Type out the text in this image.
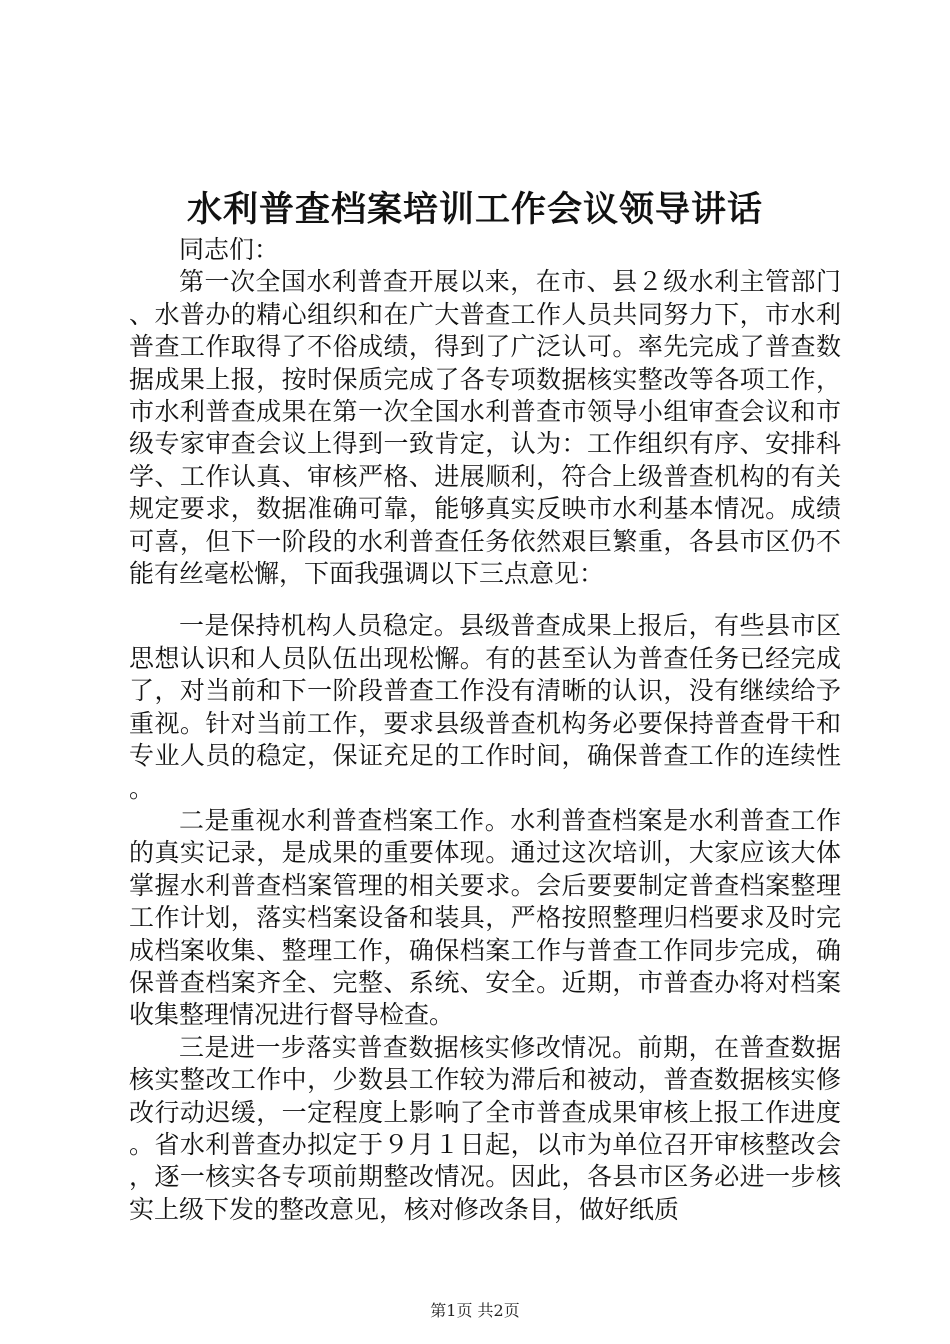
水利普查档案培训工作会议领导讲话

同志们：

第一次全国水利普查开展以来，在市、县２级水利主管部门、水普办的精心组织和在广大普查工作人员共同努力下，市水利普查工作取得了不俗成绩，得到了广泛认可。率先完成了普查数据成果上报，按时保质完成了各专项数据核实整改等各项工作，市水利普查成果在第一次全国水利普查市领导小组审查会议和市级专家审查会议上得到一致肯定，认为：工作组织有序、安排科学、工作认真、审核严格、进展顺利，符合上级普查机构的有关规定要求，数据准确可靠，能够真实反映市水利基本情况。成绩可喜，但下一阶段的水利普查任务依然艰巨繁重，各县市区仍不能有丝毫松懈，下面我强调以下三点意见：

一是保持机构人员稳定。县级普查成果上报后，有些县市区思想认识和人员队伍出现松懈。有的甚至认为普查任务已经完成了，对当前和下一阶段普查工作没有清晰的认识，没有继续给予重视。针对当前工作，要求县级普查机构务必要保持普查骨干和专业人员的稳定，保证充足的工作时间，确保普查工作的连续性。

二是重视水利普查档案工作。水利普查档案是水利普查工作的真实记录，是成果的重要体现。通过这次培训，大家应该大体掌握水利普查档案管理的相关要求。会后要要制定普查档案整理工作计划，落实档案设备和装具，严格按照整理归档要求及时完成档案收集、整理工作，确保档案工作与普查工作同步完成，确保普查档案齐全、完整、系统、安全。近期，市普查办将对档案收集整理情况进行督导检查。

三是进一步落实普查数据核实修改情况。前期，在普查数据核实整改工作中，少数县工作较为滞后和被动，普查数据核实修改行动迟缓，一定程度上影响了全市普查成果审核上报工作进度。省水利普查办拟定于９月１日起，以市为单位召开审核整改会，逐一核实各专项前期整改情况。因此，各县市区务必进一步核实上级下发的整改意见，核对修改条目，做好纸质

第1页 共2页
